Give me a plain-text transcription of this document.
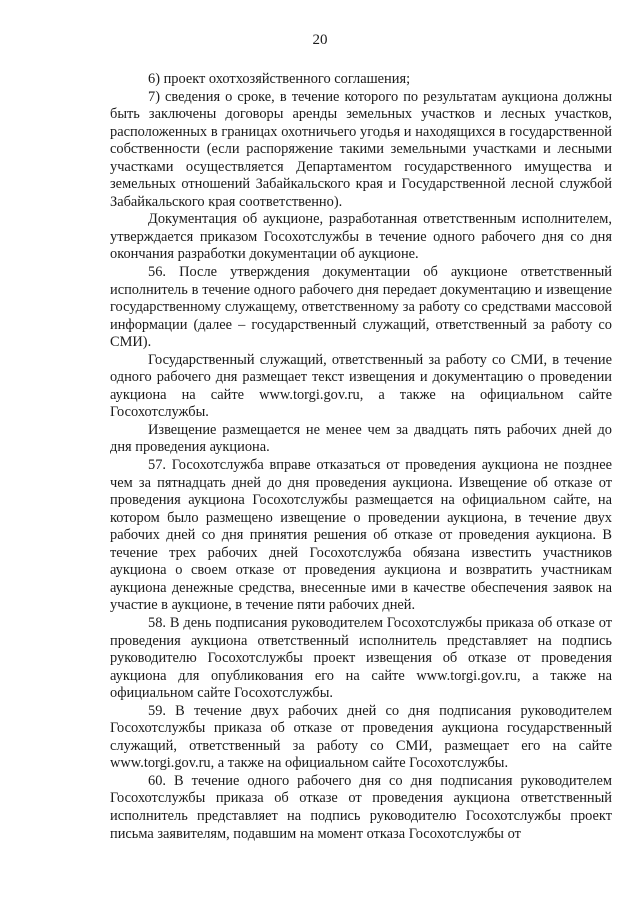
20

6) проект охотхозяйственного соглашения;

7) сведения о сроке, в течение которого по результатам аукциона должны быть заключены договоры аренды земельных участков и лесных участков, расположенных в границах охотничьего угодья и находящихся в государственной собственности (если распоряжение такими земельными участками и лесными участками осуществляется Департаментом государственного имущества и земельных отношений Забайкальского края и Государственной лесной службой Забайкальского края соответственно).

Документация об аукционе, разработанная ответственным исполнителем, утверждается приказом Госохотслужбы в течение одного рабочего дня со дня окончания разработки документации об аукционе.

56. После утверждения документации об аукционе ответственный исполнитель в течение одного рабочего дня передает документацию и извещение государственному служащему, ответственному за работу со средствами массовой информации (далее – государственный служащий, ответственный за работу со СМИ).

Государственный служащий, ответственный за работу со СМИ, в течение одного рабочего дня размещает текст извещения и документацию о проведении аукциона на сайте www.torgi.gov.ru, а также на официальном сайте Госохотслужбы.

Извещение размещается не менее чем за двадцать пять рабочих дней до дня проведения аукциона.

57. Госохотслужба вправе отказаться от проведения аукциона не позднее чем за пятнадцать дней до дня проведения аукциона. Извещение об отказе от проведения аукциона Госохотслужбы размещается на официальном сайте, на котором было размещено извещение о проведении аукциона, в течение двух рабочих дней со дня принятия решения об отказе от проведения аукциона. В течение трех рабочих дней Госохотслужба обязана известить участников аукциона о своем отказе от проведения аукциона и возвратить участникам аукциона денежные средства, внесенные ими в качестве обеспечения заявок на участие в аукционе, в течение пяти рабочих дней.

58. В день подписания руководителем Госохотслужбы приказа об отказе от проведения аукциона ответственный исполнитель представляет на подпись руководителю Госохотслужбы проект извещения об отказе от проведения аукциона для опубликования его на сайте www.torgi.gov.ru, а также на официальном сайте Госохотслужбы.

59. В течение двух рабочих дней со дня подписания руководителем Госохотслужбы приказа об отказе от проведения аукциона государственный служащий, ответственный за работу со СМИ, размещает его на сайте www.torgi.gov.ru, а также на официальном сайте Госохотслужбы.

60. В течение одного рабочего дня со дня подписания руководителем Госохотслужбы приказа об отказе от проведения аукциона ответственный исполнитель представляет на подпись руководителю Госохотслужбы проект письма заявителям, подавшим на момент отказа Госохотслужбы от
